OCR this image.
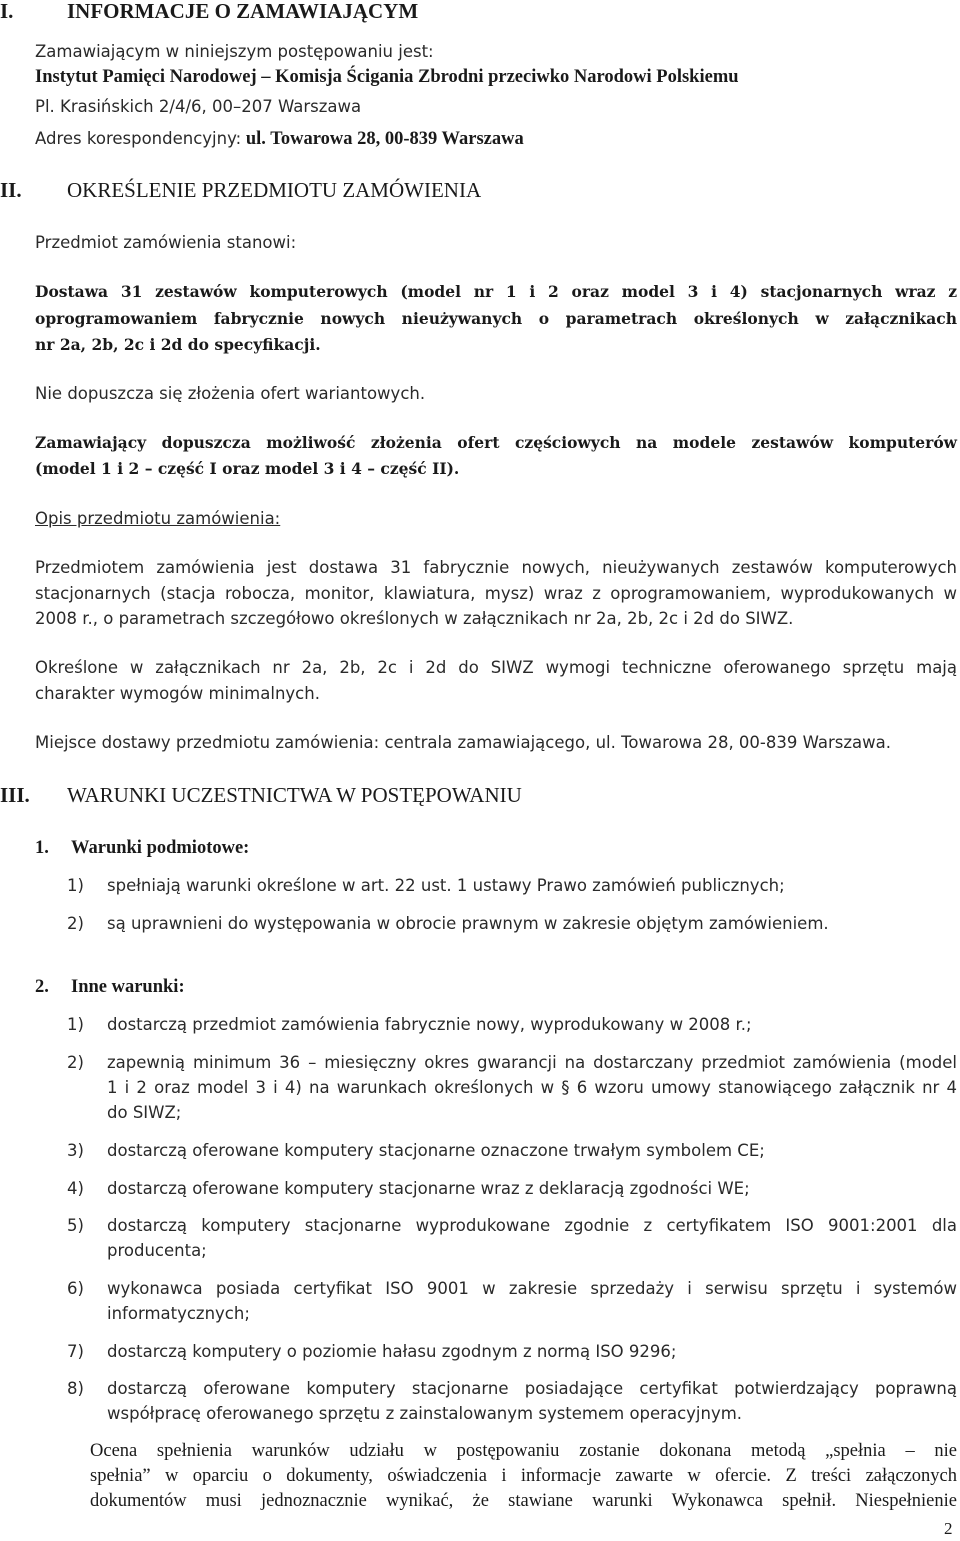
I.	INFORMACJE O ZAMAWIAJĄCYM
Zamawiającym w niniejszym postępowaniu jest:
Instytut Pamięci Narodowej – Komisja Ścigania Zbrodni przeciwko Narodowi Polskiemu
Pl. Krasińskich 2/4/6, 00–207 Warszawa
Adres korespondencyjny: ul. Towarowa 28, 00-839 Warszawa
II. OKREŚLENIE PRZEDMIOTU ZAMÓWIENIA
Przedmiot zamówienia stanowi:
Dostawa 31 zestawów komputerowych (model nr 1 i 2 oraz model 3 i 4) stacjonarnych wraz z
oprogramowaniem fabrycznie nowych nieużywanych o parametrach określonych w załącznikach
nr 2a, 2b, 2c i 2d do specyfikacji.
Nie dopuszcza się złożenia ofert wariantowych.
Zamawiający dopuszcza możliwość złożenia ofert częściowych na modele zestawów komputerów
(model 1 i 2 – część I oraz model 3 i 4 – część II).
Opis przedmiotu zamówienia:
Przedmiotem zamówienia jest dostawa 31 fabrycznie nowych, nieużywanych zestawów komputerowych
stacjonarnych (stacja robocza, monitor, klawiatura, mysz) wraz z oprogramowaniem, wyprodukowanych w
2008 r., o parametrach szczegółowo określonych w załącznikach nr 2a, 2b, 2c i 2d do SIWZ.
Określone w załącznikach nr 2a, 2b, 2c i 2d do SIWZ wymogi techniczne oferowanego sprzętu mają
charakter wymogów minimalnych.
Miejsce dostawy przedmiotu zamówienia: centrala zamawiającego, ul. Towarowa 28, 00-839 Warszawa.
III. WARUNKI UCZESTNICTWA W POSTĘPOWANIU
1. Warunki podmiotowe:
1) spełniają warunki określone w art. 22 ust. 1 ustawy Prawo zamówień publicznych;
2) są uprawnieni do występowania w obrocie prawnym w zakresie objętym zamówieniem.
2. Inne warunki:
1) dostarczą przedmiot zamówienia fabrycznie nowy, wyprodukowany w 2008 r.;
2) zapewnią minimum 36 – miesięczny okres gwarancji na dostarczany przedmiot zamówienia (model
1 i 2 oraz model 3 i 4) na warunkach określonych w § 6 wzoru umowy stanowiącego załącznik nr 4
do SIWZ;
3) dostarczą oferowane komputery stacjonarne oznaczone trwałym symbolem CE;
4) dostarczą oferowane komputery stacjonarne wraz z deklaracją zgodności WE;
5) dostarczą komputery stacjonarne wyprodukowane zgodnie z certyfikatem ISO 9001:2001 dla
producenta;
6) wykonawca posiada certyfikat ISO 9001 w zakresie sprzedaży i serwisu sprzętu i systemów
informatycznych;
7) dostarczą komputery o poziomie hałasu zgodnym z normą ISO 9296;
8) dostarczą oferowane komputery stacjonarne posiadające certyfikat potwierdzający poprawną
współpracę oferowanego sprzętu z zainstalowanym systemem operacyjnym.
Ocena spełnienia warunków udziału w postępowaniu zostanie dokonana metodą „spełnia – nie
spełnia” w oparciu o dokumenty, oświadczenia i informacje zawarte w ofercie. Z treści załączonych
dokumentów musi jednoznacznie wynikać, że stawiane warunki Wykonawca spełnił. Niespełnienie
2
